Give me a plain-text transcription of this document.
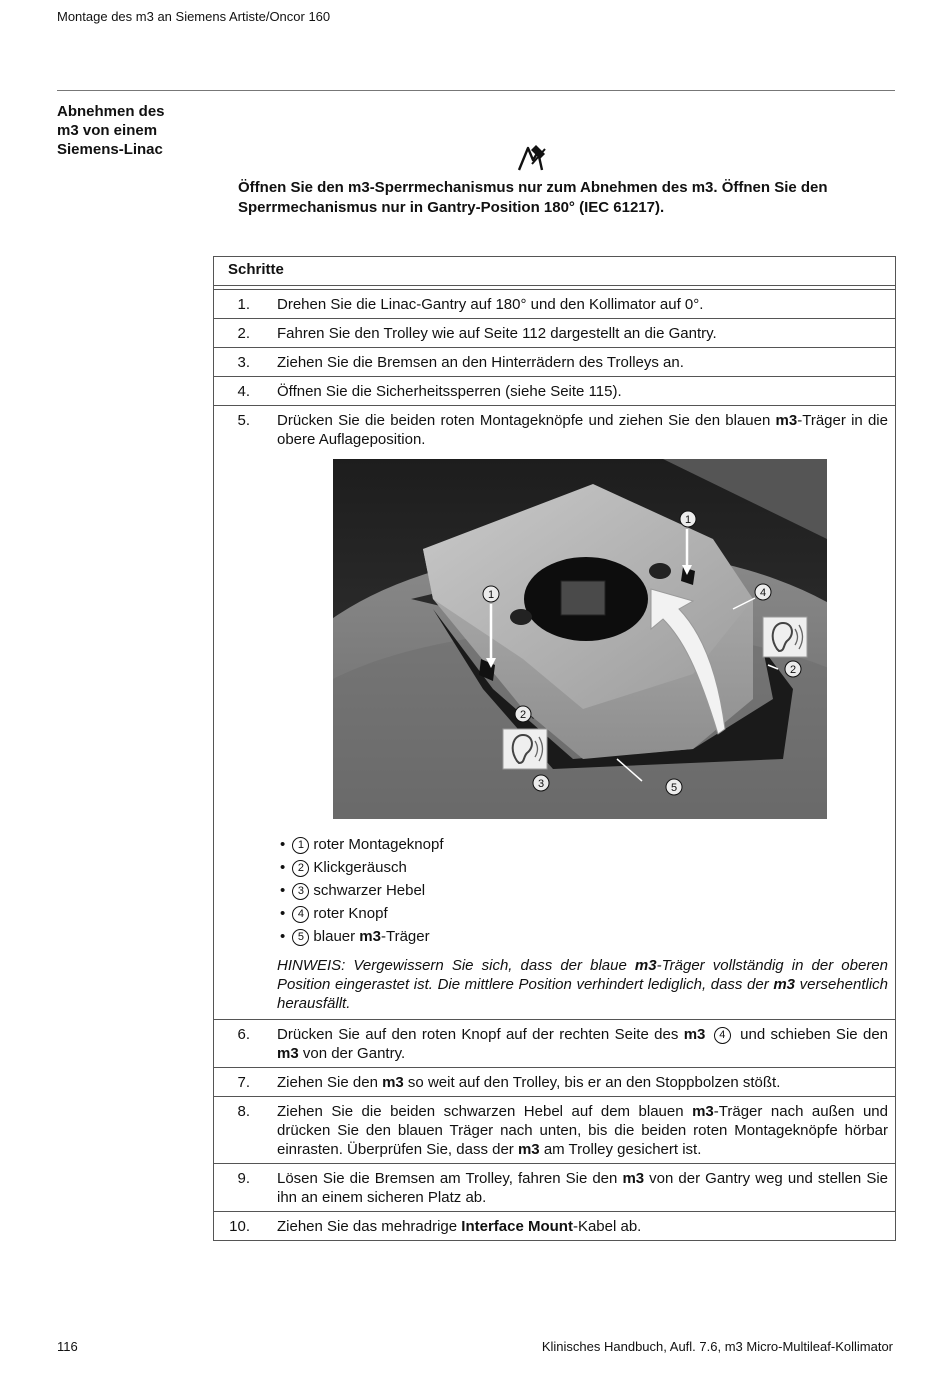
Montage des m3 an Siemens Artiste/Oncor 160
Abnehmen des m3 von einem Siemens-Linac
Öffnen Sie den m3-Sperrmechanismus nur zum Abnehmen des m3. Öffnen Sie den Sperrmechanismus nur in Gantry-Position 180° (IEC 61217).
Schritte
1. Drehen Sie die Linac-Gantry auf 180° und den Kollimator auf 0°.
2. Fahren Sie den Trolley wie auf Seite 112 dargestellt an die Gantry.
3. Ziehen Sie die Bremsen an den Hinterrädern des Trolleys an.
4. Öffnen Sie die Sicherheitssperren (siehe Seite 115).
5. Drücken Sie die beiden roten Montageknöpfe und ziehen Sie den blauen m3-Träger in die obere Auflageposition.
1
1	4
2
2
3	5
• 1 roter Montageknopf
• 2 Klickgeräusch
• 3 schwarzer Hebel
• 4 roter Knopf
• 5 blauer m3-Träger
HINWEIS: Vergewissern Sie sich, dass der blaue m3-Träger vollständig in der oberen Position eingerastet ist. Die mittlere Position verhindert lediglich, dass der m3 versehentlich herausfällt.
6. Drücken Sie auf den roten Knopf auf der rechten Seite des m3 4 und schieben Sie den m3 von der Gantry.
7. Ziehen Sie den m3 so weit auf den Trolley, bis er an den Stoppbolzen stößt.
8. Ziehen Sie die beiden schwarzen Hebel auf dem blauen m3-Träger nach außen und drücken Sie den blauen Träger nach unten, bis die beiden roten Montageknöpfe hörbar einrasten. Überprüfen Sie, dass der m3 am Trolley gesichert ist.
9. Lösen Sie die Bremsen am Trolley, fahren Sie den m3 von der Gantry weg und stellen Sie ihn an einem sicheren Platz ab.
10. Ziehen Sie das mehradrige Interface Mount-Kabel ab.
116	Klinisches Handbuch, Aufl. 7.6, m3 Micro-Multileaf-Kollimator
